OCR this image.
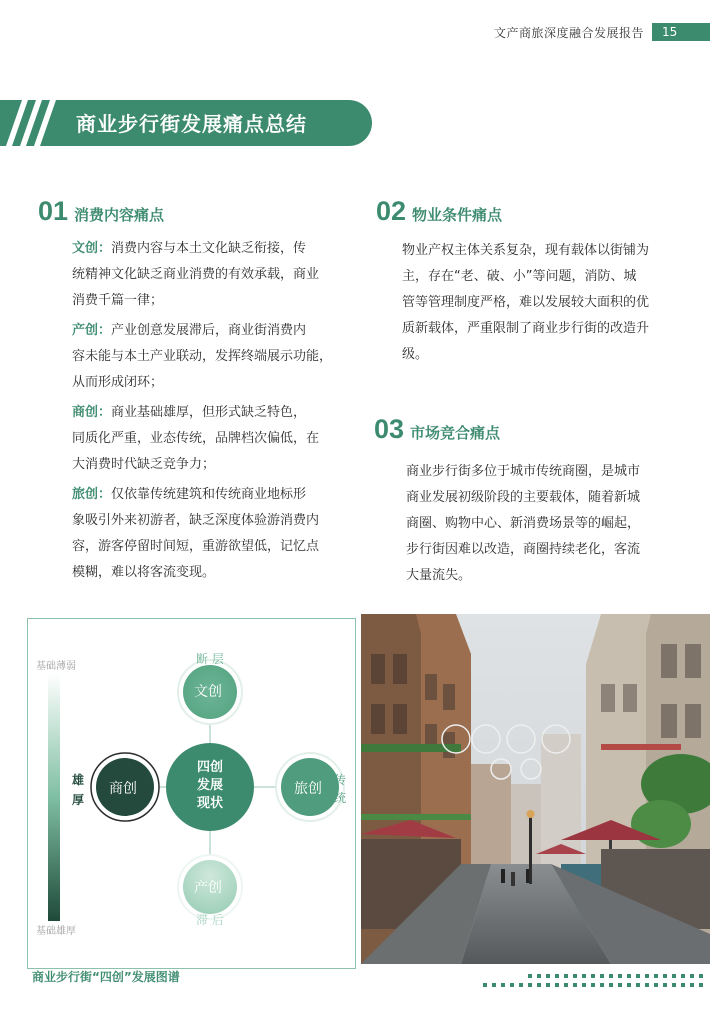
文产商旅深度融合发展报告	15
商业步行街发展痛点总结
01 消费内容痛点
文创：消费内容与本土文化缺乏衔接，传
统精神文化缺乏商业消费的有效承载，商业
消费千篇一律；
产创：产业创意发展滞后，商业街消费内
容未能与本土产业联动，发挥终端展示功能，
从而形成闭环；
商创：商业基础雄厚，但形式缺乏特色，
同质化严重，业态传统，品牌档次偏低，在
大消费时代缺乏竞争力；
旅创：仅依靠传统建筑和传统商业地标形
象吸引外来初游者，缺乏深度体验游消费内
容，游客停留时间短，重游欲望低，记忆点
模糊，难以将客流变现。
02 物业条件痛点
物业产权主体关系复杂，现有载体以街铺为
主，存在“老、破、小”等问题，消防、城
管等管理制度严格，难以发展较大面积的优
质新载体，严重限制了商业步行街的改造升
级。
03 市场竞合痛点
商业步行街多位于城市传统商圈，是城市
商业发展初级阶段的主要载体，随着新城
商圈、购物中心、新消费场景等的崛起，
步行街因难以改造，商圈持续老化，客流
大量流失。
基础薄弱
基础雄厚
断 层
滞 后
传
统
雄
厚
文创
商创	旅创
产创
四创
发展
现状
商业步行街“四创”发展图谱
